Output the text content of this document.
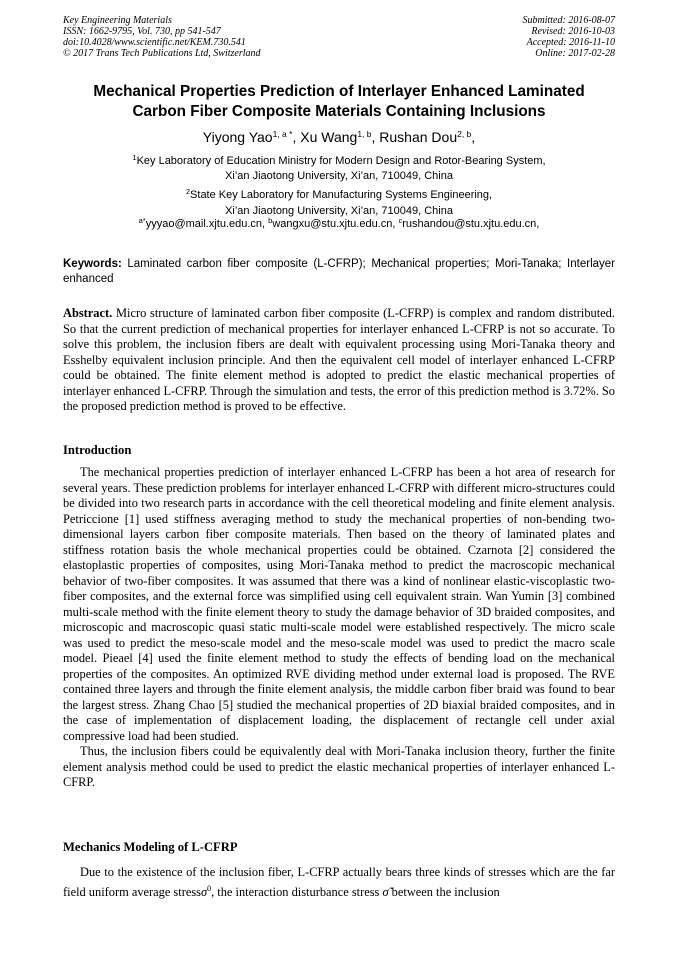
Key Engineering Materials
ISSN: 1662-9795, Vol. 730, pp 541-547
doi:10.4028/www.scientific.net/KEM.730.541
© 2017 Trans Tech Publications Ltd, Switzerland
Submitted: 2016-08-07
Revised: 2016-10-03
Accepted: 2016-11-10
Online: 2017-02-28
Mechanical Properties Prediction of Interlayer Enhanced Laminated
Carbon Fiber Composite Materials Containing Inclusions
Yiyong Yao$^{1, a *}$, Xu Wang$^{1, b}$, Rushan Dou$^{2, b}$,
$^1$Key Laboratory of Education Ministry for Modern Design and Rotor-Bearing System,
Xi’an Jiaotong University, Xi’an, 710049, China
$^2$State Key Laboratory for Manufacturing Systems Engineering,
Xi’an Jiaotong University, Xi’an, 710049, China
$^{a*}$yyyao@mail.xjtu.edu.cn, $^b$wangxu@stu.xjtu.edu.cn, $^c$rushandou@stu.xjtu.edu.cn,
Keywords: Laminated carbon fiber composite (L-CFRP); Mechanical properties; Mori-Tanaka; Interlayer enhanced
Abstract. Micro structure of laminated carbon fiber composite (L-CFRP) is complex and random distributed. So that the current prediction of mechanical properties for interlayer enhanced L-CFRP is not so accurate. To solve this problem, the inclusion fibers are dealt with equivalent processing using Mori-Tanaka theory and Esshelby equivalent inclusion principle. And then the equivalent cell model of interlayer enhanced L-CFRP could be obtained. The finite element method is adopted to predict the elastic mechanical properties of interlayer enhanced L-CFRP. Through the simulation and tests, the error of this prediction method is 3.72%. So the proposed prediction method is proved to be effective.
Introduction

The mechanical properties prediction of interlayer enhanced L-CFRP has been a hot area of research for several years. These prediction problems for interlayer enhanced L-CFRP with different micro-structures could be divided into two research parts in accordance with the cell theoretical modeling and finite element analysis. Petriccione [1] used stiffness averaging method to study the mechanical properties of non-bending two-dimensional layers carbon fiber composite materials. Then based on the theory of laminated plates and stiffness rotation basis the whole mechanical properties could be obtained. Czarnota [2] considered the elastoplastic properties of composites, using Mori-Tanaka method to predict the macroscopic mechanical behavior of two-fiber composites. It was assumed that there was a kind of nonlinear elastic-viscoplastic two-fiber composites, and the external force was simplified using cell equivalent strain. Wan Yumin [3] combined multi-scale method with the finite element theory to study the damage behavior of 3D braided composites, and microscopic and macroscopic quasi static multi-scale model were established respectively. The micro scale was used to predict the meso-scale model and the meso-scale model was used to predict the macro scale model. Pieael [4] used the finite element method to study the effects of bending load on the mechanical properties of the composites. An optimized RVE dividing method under external load is proposed. The RVE contained three layers and through the finite element analysis, the middle carbon fiber braid was found to bear the largest stress. Zhang Chao [5] studied the mechanical properties of 2D biaxial braided composites, and in the case of implementation of displacement loading, the displacement of rectangle cell under axial compressive load had been studied.

Thus, the inclusion fibers could be equivalently deal with Mori-Tanaka inclusion theory, further the finite element analysis method could be used to predict the elastic mechanical properties of interlayer enhanced L-CFRP.

Mechanics Modeling of L-CFRP

Due to the existence of the inclusion fiber, L-CFRP actually bears three kinds of stresses which are the far field uniform average stressσ$^0$, the interaction disturbance stress σ̃ between the inclusion
